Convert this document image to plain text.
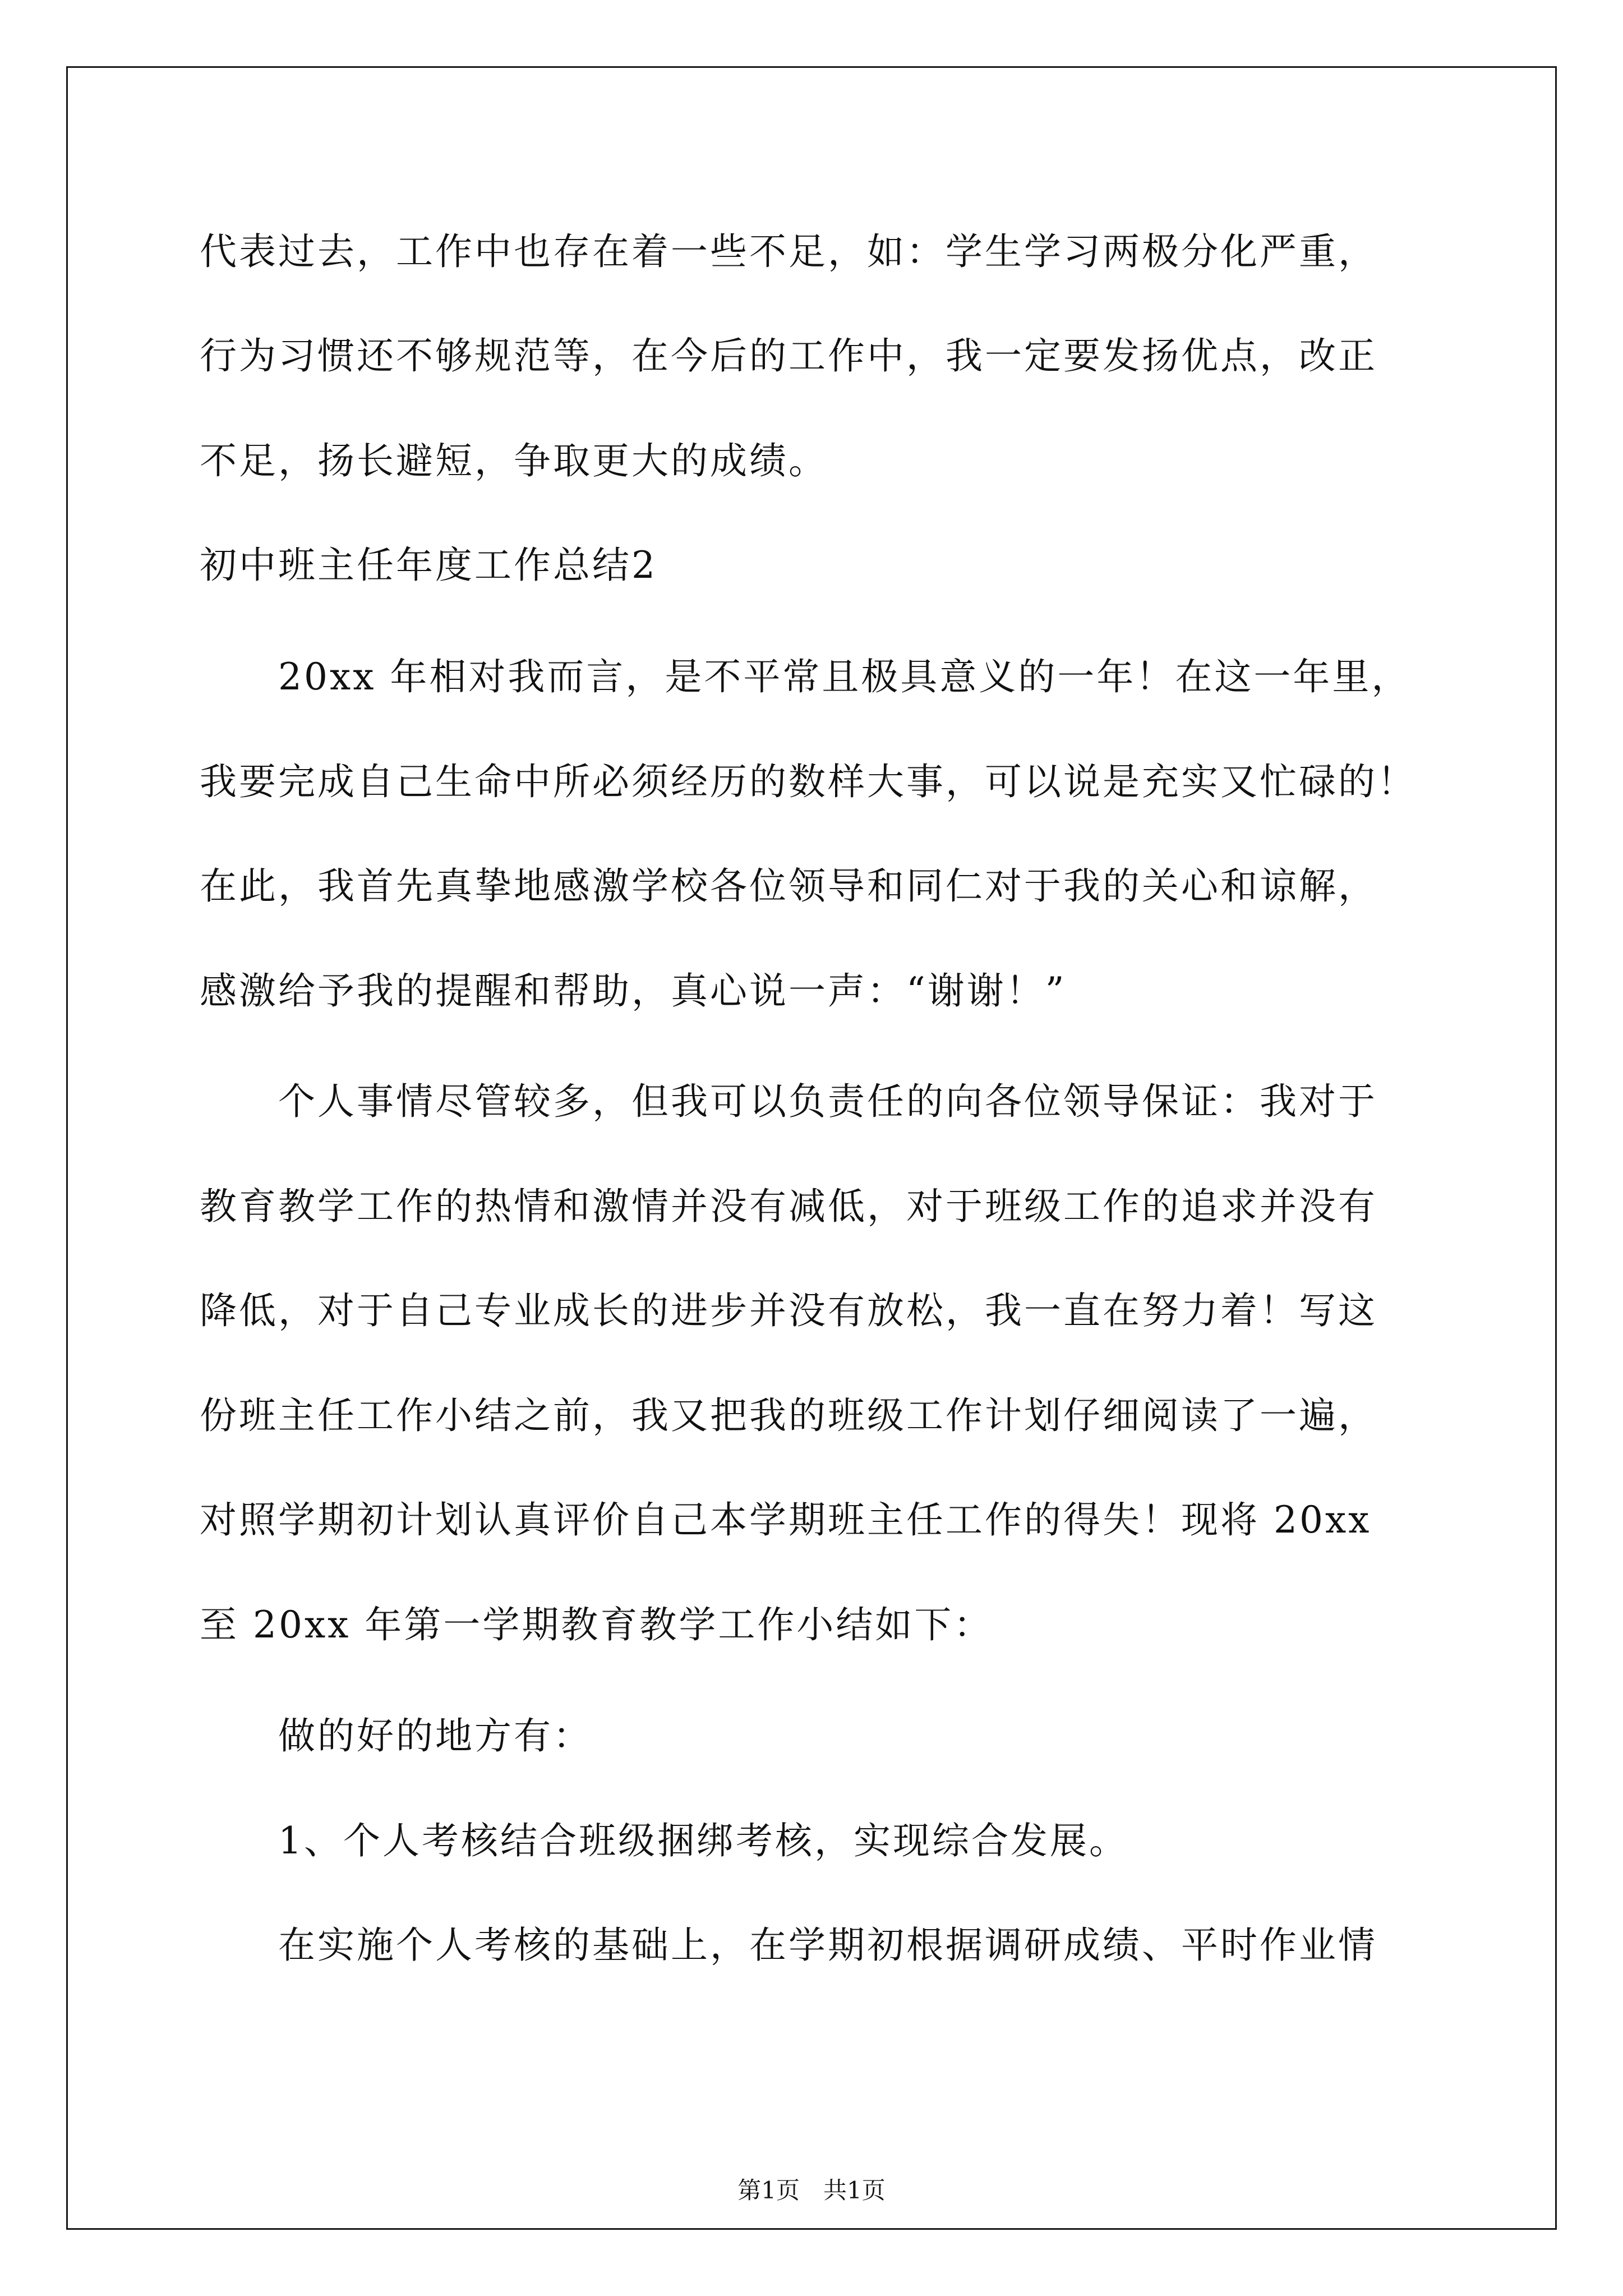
代表过去，工作中也存在着一些不足，如：学生学习两极分化严重，
行为习惯还不够规范等，在今后的工作中，我一定要发扬优点，改正
不足，扬长避短，争取更大的成绩。
初中班主任年度工作总结2
20xx 年相对我而言，是不平常且极具意义的一年！在这一年里，
我要完成自己生命中所必须经历的数样大事，可以说是充实又忙碌的！
在此，我首先真挚地感激学校各位领导和同仁对于我的关心和谅解，
感激给予我的提醒和帮助，真心说一声：“谢谢！”
个人事情尽管较多，但我可以负责任的向各位领导保证：我对于
教育教学工作的热情和激情并没有减低，对于班级工作的追求并没有
降低，对于自己专业成长的进步并没有放松，我一直在努力着！写这
份班主任工作小结之前，我又把我的班级工作计划仔细阅读了一遍，
对照学期初计划认真评价自己本学期班主任工作的得失！现将 20xx
至 20xx 年第一学期教育教学工作小结如下：
做的好的地方有：
1、个人考核结合班级捆绑考核，实现综合发展。
在实施个人考核的基础上，在学期初根据调研成绩、平时作业情
第1页　共1页
